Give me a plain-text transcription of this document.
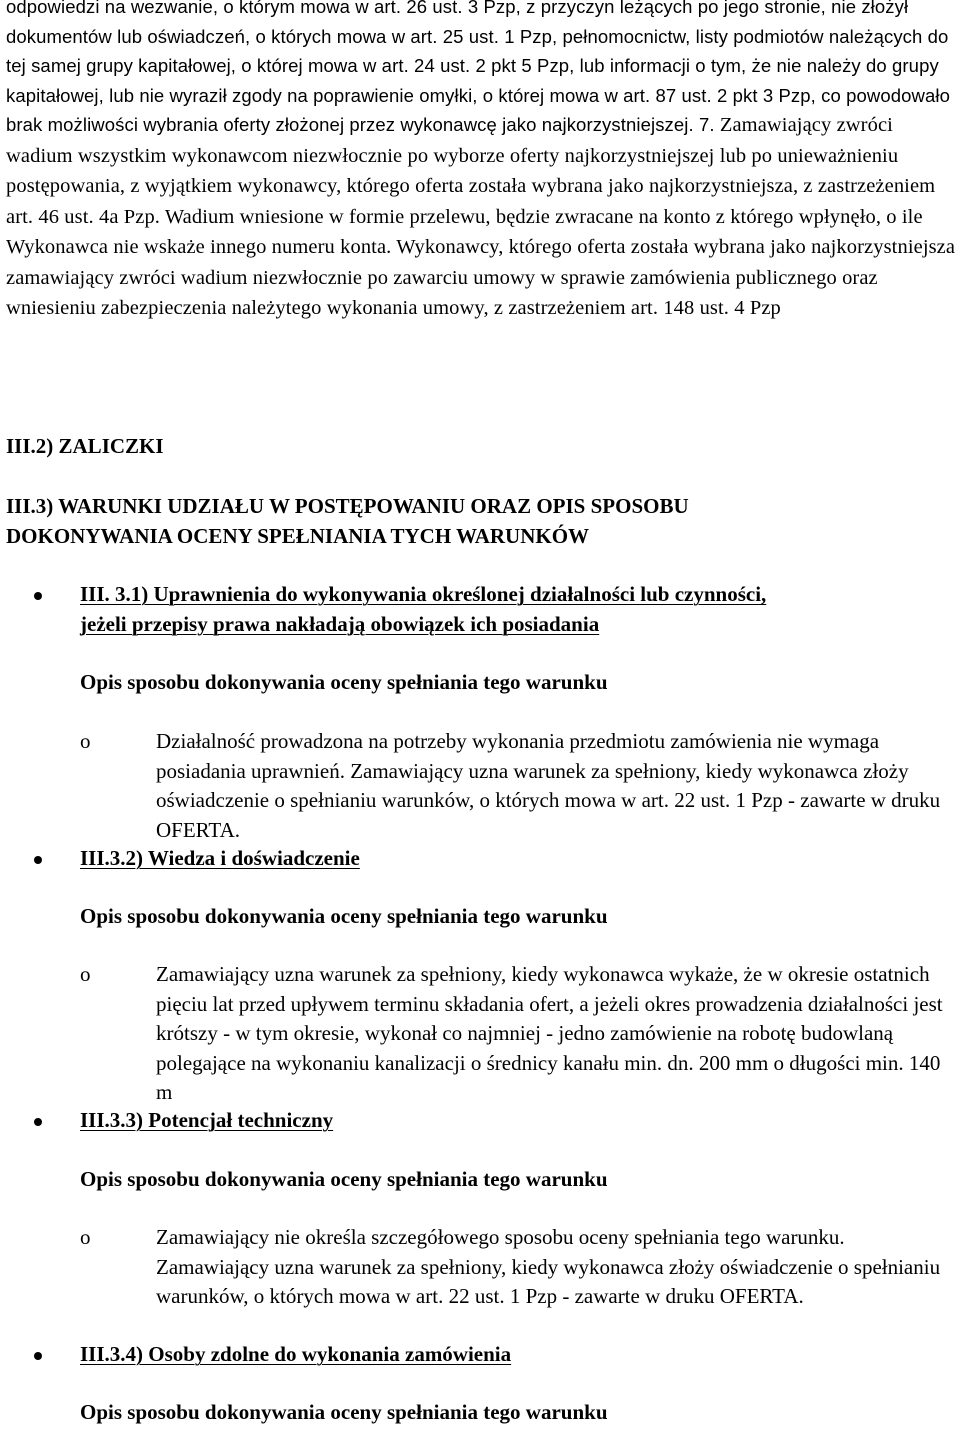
odpowiedzi na wezwanie, o którym mowa w art. 26 ust. 3 Pzp, z przyczyn leżących po jego stronie, nie złożył dokumentów lub oświadczeń, o których mowa w art. 25 ust. 1 Pzp, pełnomocnictw, listy podmiotów należących do tej samej grupy kapitałowej, o której mowa w art. 24 ust. 2 pkt 5 Pzp, lub informacji o tym, że nie należy do grupy kapitałowej, lub nie wyraził zgody na poprawienie omyłki, o której mowa w art. 87 ust. 2 pkt 3 Pzp, co powodowało brak możliwości wybrania oferty złożonej przez wykonawcę jako najkorzystniejszej. 7. Zamawiający zwróci wadium wszystkim wykonawcom niezwłocznie po wyborze oferty najkorzystniejszej lub po unieważnieniu postępowania, z wyjątkiem wykonawcy, którego oferta została wybrana jako najkorzystniejsza, z zastrzeżeniem art. 46 ust. 4a Pzp. Wadium wniesione w formie przelewu, będzie zwracane na konto z którego wpłynęło, o ile Wykonawca nie wskaże innego numeru konta. Wykonawcy, którego oferta została wybrana jako najkorzystniejsza zamawiający zwróci wadium niezwłocznie po zawarciu umowy w sprawie zamówienia publicznego oraz wniesieniu zabezpieczenia należytego wykonania umowy, z zastrzeżeniem art. 148 ust. 4 Pzp

III.2) ZALICZKI
III.3) WARUNKI UDZIAŁU W POSTĘPOWANIU ORAZ OPIS SPOSOBU
DOKONYWANIA OCENY SPEŁNIANIA TYCH WARUNKÓW
III. 3.1) Uprawnienia do wykonywania określonej działalności lub czynności,
jeżeli przepisy prawa nakładają obowiązek ich posiadania
Opis sposobu dokonywania oceny spełniania tego warunku
o	Działalność prowadzona na potrzeby wykonania przedmiotu zamówienia nie wymaga posiadania uprawnień. Zamawiający uzna warunek za spełniony, kiedy wykonawca złoży oświadczenie o spełnianiu warunków, o których mowa w art. 22 ust. 1 Pzp - zawarte w druku OFERTA.
III.3.2) Wiedza i doświadczenie
Opis sposobu dokonywania oceny spełniania tego warunku
o	Zamawiający uzna warunek za spełniony, kiedy wykonawca wykaże, że w okresie ostatnich pięciu lat przed upływem terminu składania ofert, a jeżeli okres prowadzenia działalności jest krótszy - w tym okresie, wykonał co najmniej - jedno zamówienie na robotę budowlaną polegające na wykonaniu kanalizacji o średnicy kanału min. dn. 200 mm o długości min. 140 m
III.3.3) Potencjał techniczny
Opis sposobu dokonywania oceny spełniania tego warunku
o	Zamawiający nie określa szczegółowego sposobu oceny spełniania tego warunku. Zamawiający uzna warunek za spełniony, kiedy wykonawca złoży oświadczenie o spełnianiu warunków, o których mowa w art. 22 ust. 1 Pzp - zawarte w druku OFERTA.
III.3.4) Osoby zdolne do wykonania zamówienia
Opis sposobu dokonywania oceny spełniania tego warunku
